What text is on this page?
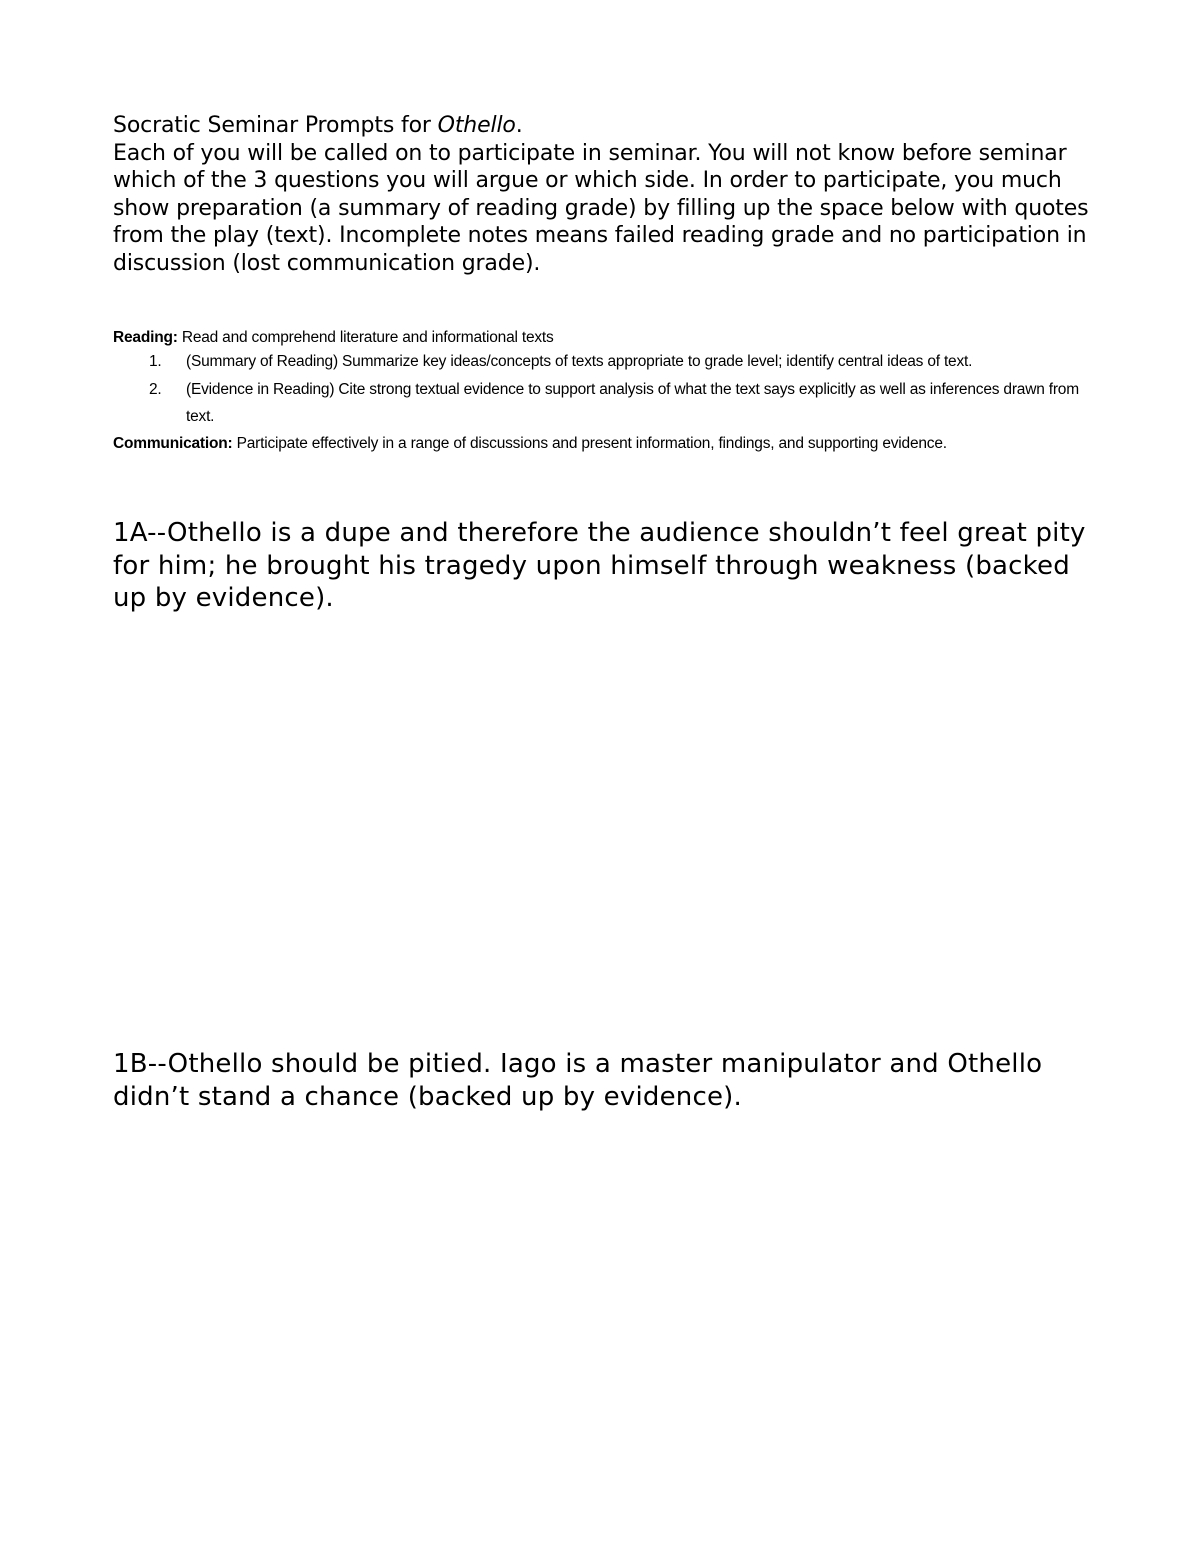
Socratic Seminar Prompts for Othello.

Each of you will be called on to participate in seminar. You will not know before seminar which of the 3 questions you will argue or which side. In order to participate, you much show preparation (a summary of reading grade) by filling up the space below with quotes from the play (text). Incomplete notes means failed reading grade and no participation in discussion (lost communication grade).

Reading: Read and comprehend literature and informational texts

1. (Summary of Reading) Summarize key ideas/concepts of texts appropriate to grade level; identify central ideas of text.
2. (Evidence in Reading) Cite strong textual evidence to support analysis of what the text says explicitly as well as inferences drawn from text.

Communication: Participate effectively in a range of discussions and present information, findings, and supporting evidence.

1A--Othello is a dupe and therefore the audience shouldn’t feel great pity for him; he brought his tragedy upon himself through weakness (backed up by evidence).

1B--Othello should be pitied. Iago is a master manipulator and Othello didn’t stand a chance (backed up by evidence).
